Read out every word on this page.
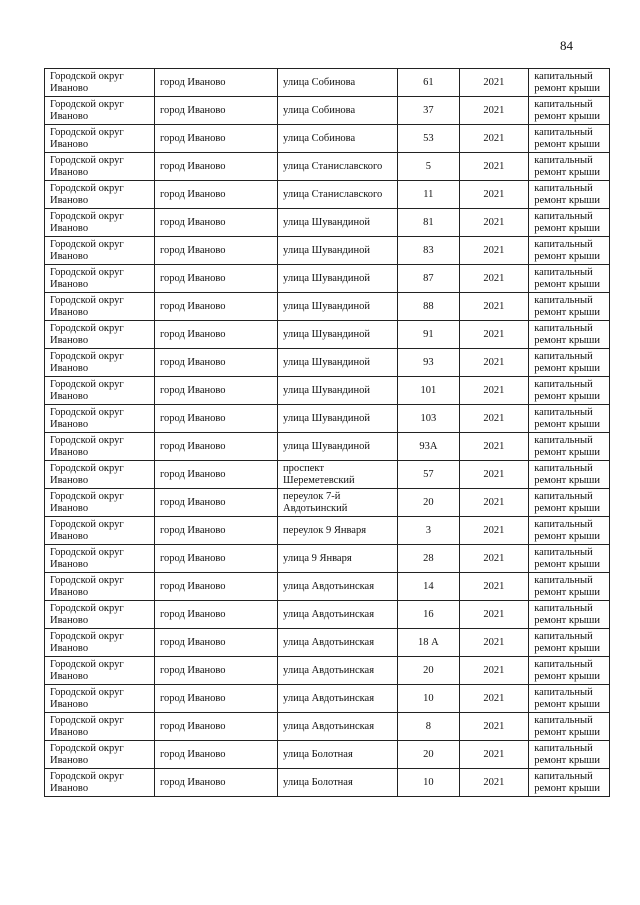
84
Городской округ Иваново	город Иваново	улица Собинова	61	2021	капитальный ремонт крыши
Городской округ Иваново	город Иваново	улица Собинова	37	2021	капитальный ремонт крыши
Городской округ Иваново	город Иваново	улица Собинова	53	2021	капитальный ремонт крыши
Городской округ Иваново	город Иваново	улица Станиславского	5	2021	капитальный ремонт крыши
Городской округ Иваново	город Иваново	улица Станиславского	11	2021	капитальный ремонт крыши
Городской округ Иваново	город Иваново	улица Шувандиной	81	2021	капитальный ремонт крыши
Городской округ Иваново	город Иваново	улица Шувандиной	83	2021	капитальный ремонт крыши
Городской округ Иваново	город Иваново	улица Шувандиной	87	2021	капитальный ремонт крыши
Городской округ Иваново	город Иваново	улица Шувандиной	88	2021	капитальный ремонт крыши
Городской округ Иваново	город Иваново	улица Шувандиной	91	2021	капитальный ремонт крыши
Городской округ Иваново	город Иваново	улица Шувандиной	93	2021	капитальный ремонт крыши
Городской округ Иваново	город Иваново	улица Шувандиной	101	2021	капитальный ремонт крыши
Городской округ Иваново	город Иваново	улица Шувандиной	103	2021	капитальный ремонт крыши
Городской округ Иваново	город Иваново	улица Шувандиной	93А	2021	капитальный ремонт крыши
Городской округ Иваново	город Иваново	проспект Шереметевский	57	2021	капитальный ремонт крыши
Городской округ Иваново	город Иваново	переулок 7-й Авдотьинский	20	2021	капитальный ремонт крыши
Городской округ Иваново	город Иваново	переулок 9 Января	3	2021	капитальный ремонт крыши
Городской округ Иваново	город Иваново	улица 9 Января	28	2021	капитальный ремонт крыши
Городской округ Иваново	город Иваново	улица Авдотьинская	14	2021	капитальный ремонт крыши
Городской округ Иваново	город Иваново	улица Авдотьинская	16	2021	капитальный ремонт крыши
Городской округ Иваново	город Иваново	улица Авдотьинская	18 А	2021	капитальный ремонт крыши
Городской округ Иваново	город Иваново	улица Авдотьинская	20	2021	капитальный ремонт крыши
Городской округ Иваново	город Иваново	улица Авдотьинская	10	2021	капитальный ремонт крыши
Городской округ Иваново	город Иваново	улица Авдотьинская	8	2021	капитальный ремонт крыши
Городской округ Иваново	город Иваново	улица Болотная	20	2021	капитальный ремонт крыши
Городской округ Иваново	город Иваново	улица Болотная	10	2021	капитальный ремонт крыши
